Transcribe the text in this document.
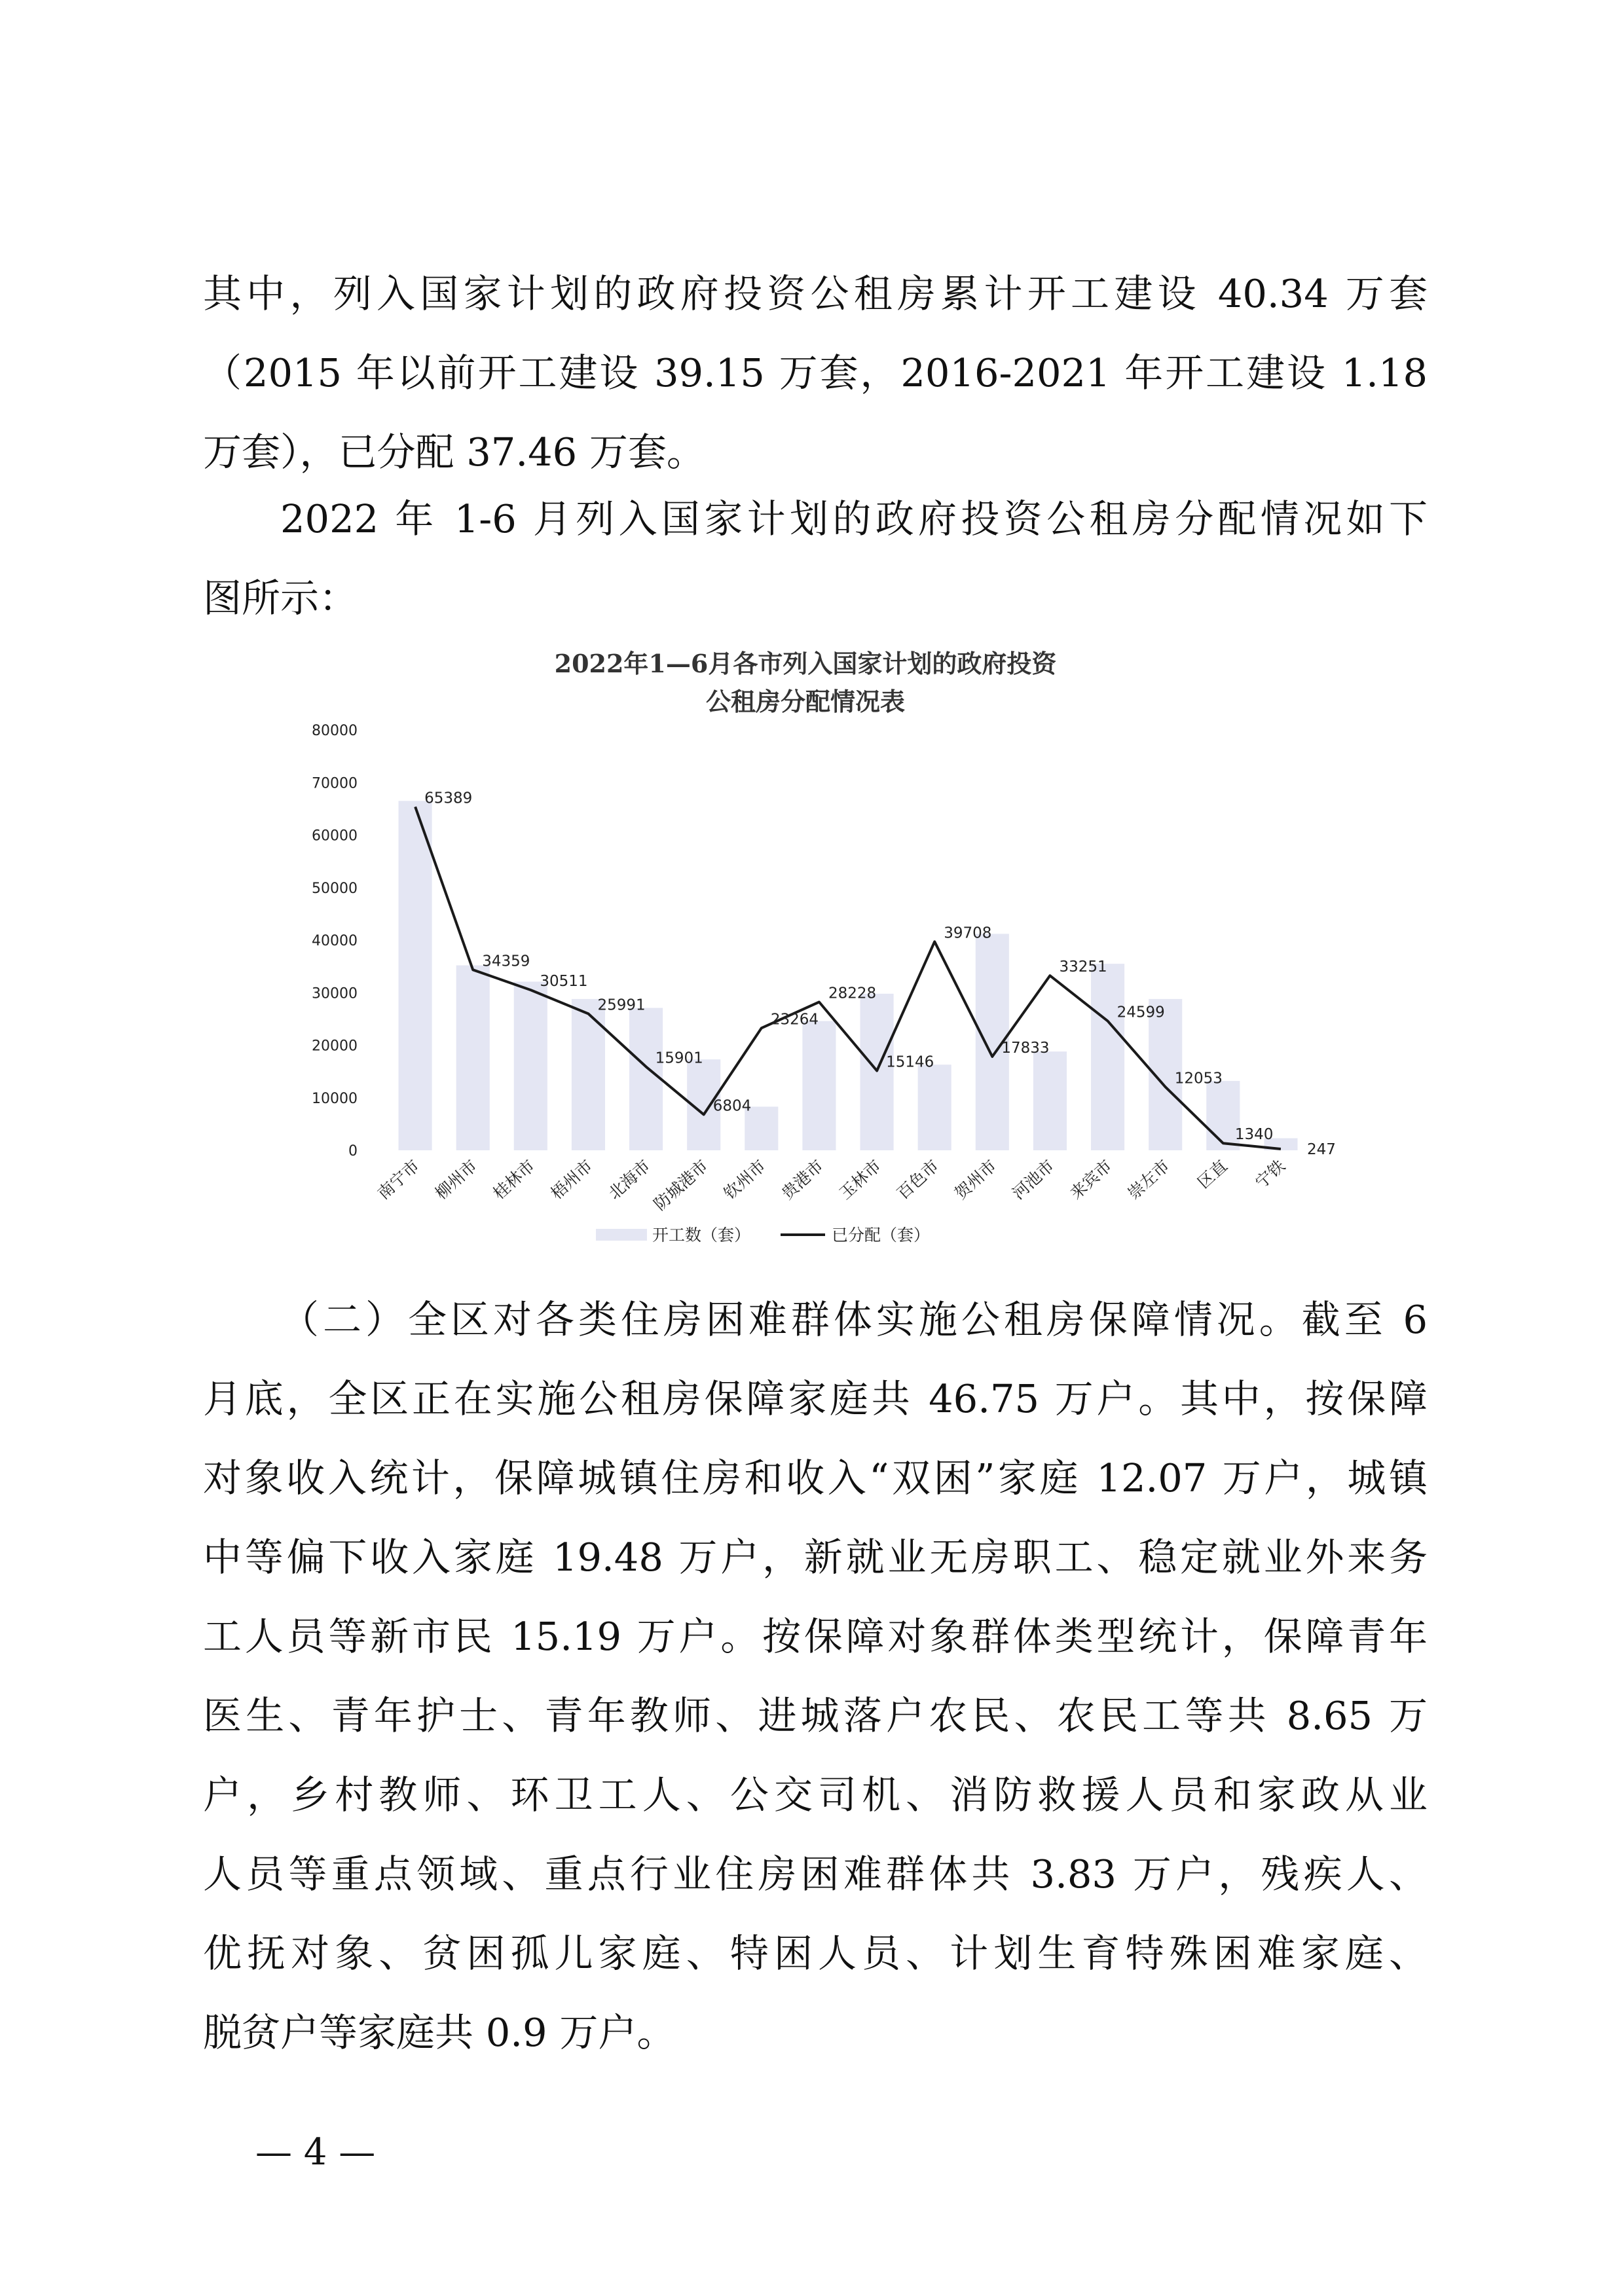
其中，列入国家计划的政府投资公租房累计开工建设 40.34 万套
（2015 年以前开工建设 39.15 万套，2016-2021 年开工建设 1.18
万套），已分配 37.46 万套。
2022 年 1-6 月列入国家计划的政府投资公租房分配情况如下
图所示：
2022年1—6月各市列入国家计划的政府投资
公租房分配情况表
0
10000
20000
30000
40000
50000
60000
70000
80000
65389
34359
30511
25991
15901
6804
23264
28228
15146
39708
17833
33251
24599
12053
1340
247
南宁市 柳州市 桂林市 梧州市 北海市
防城港市 钦州市 贵港市 玉林市 百色市 贺州市 河池市 来宾市 崇左市 区直 宁铁
开工数（套）	已分配（套）
（二）全区对各类住房困难群体实施公租房保障情况。截至 6
月底，全区正在实施公租房保障家庭共 46.75 万户。其中，按保障
对象收入统计，保障城镇住房和收入“双困”家庭 12.07 万户，城镇
中等偏下收入家庭 19.48 万户，新就业无房职工、稳定就业外来务
工人员等新市民 15.19 万户。按保障对象群体类型统计，保障青年
医生、青年护士、青年教师、进城落户农民、农民工等共 8.65 万
户，乡村教师、环卫工人、公交司机、消防救援人员和家政从业
人员等重点领域、重点行业住房困难群体共 3.83 万户，残疾人、
优抚对象、贫困孤儿家庭、特困人员、计划生育特殊困难家庭、
脱贫户等家庭共 0.9 万户。
— 4 —
